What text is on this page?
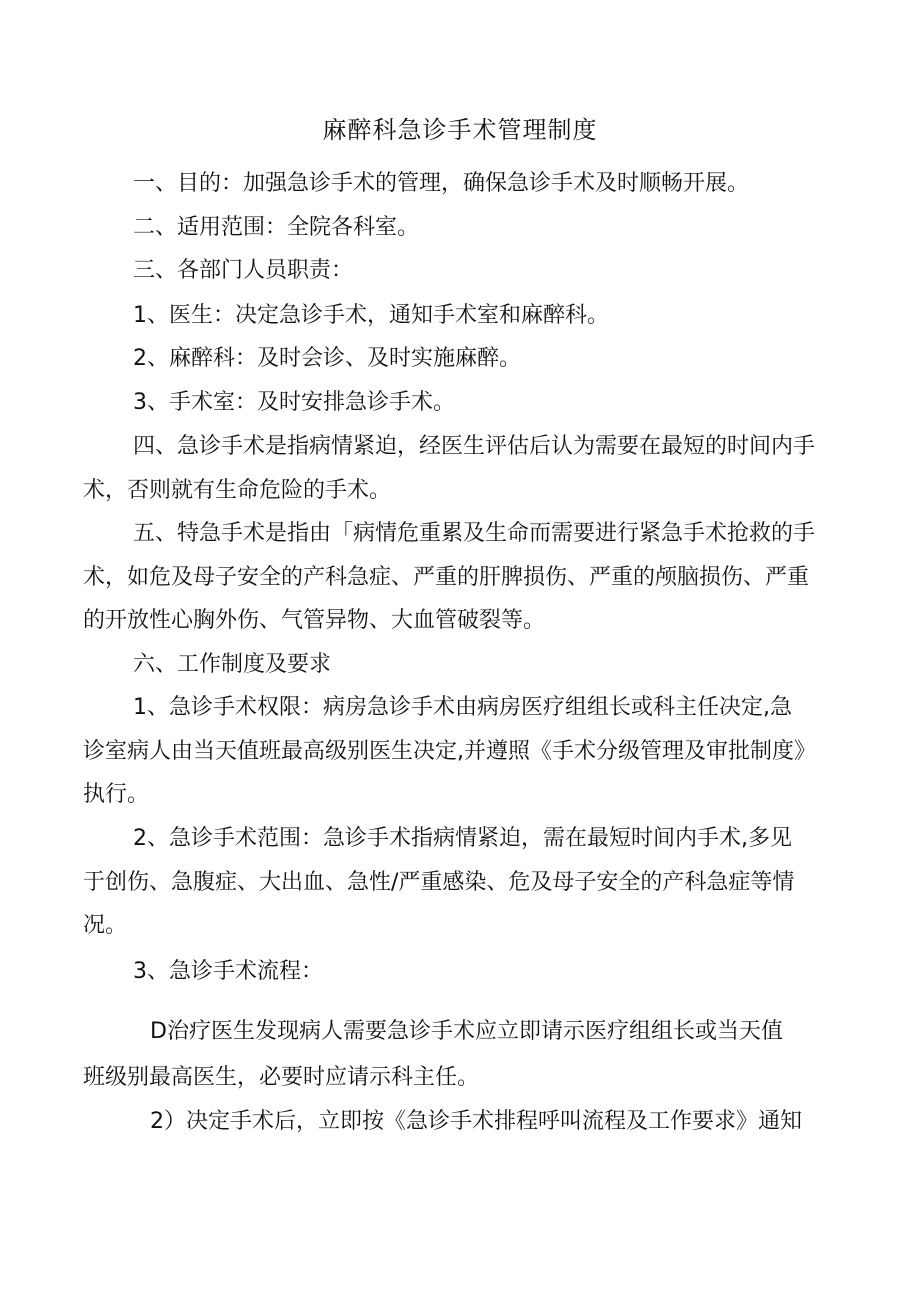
麻醉科急诊手术管理制度
一、目的：加强急诊手术的管理，确保急诊手术及时顺畅开展。
二、适用范围：全院各科室。
三、各部门人员职责：
1、医生：决定急诊手术，通知手术室和麻醉科。
2、麻醉科：及时会诊、及时实施麻醉。
3、手术室：及时安排急诊手术。
四、急诊手术是指病情紧迫，经医生评估后认为需要在最短的时间内手
术，否则就有生命危险的手术。
五、特急手术是指由「病情危重累及生命而需要进行紧急手术抢救的手
术，如危及母子安全的产科急症、严重的肝脾损伤、严重的颅脑损伤、严重
的开放性心胸外伤、气管异物、大血管破裂等。
六、工作制度及要求
1、急诊手术权限：病房急诊手术由病房医疗组组长或科主任决定,急
诊室病人由当天值班最高级别医生决定,并遵照《手术分级管理及审批制度》
执行。
2、急诊手术范围：急诊手术指病情紧迫，需在最短时间内手术,多见
于创伤、急腹症、大出血、急性/严重感染、危及母子安全的产科急症等情
况。
3、急诊手术流程：
D治疗医生发现病人需要急诊手术应立即请示医疗组组长或当天值
班级别最高医生，必要时应请示科主任。
2）决定手术后，立即按《急诊手术排程呼叫流程及工作要求》通知
